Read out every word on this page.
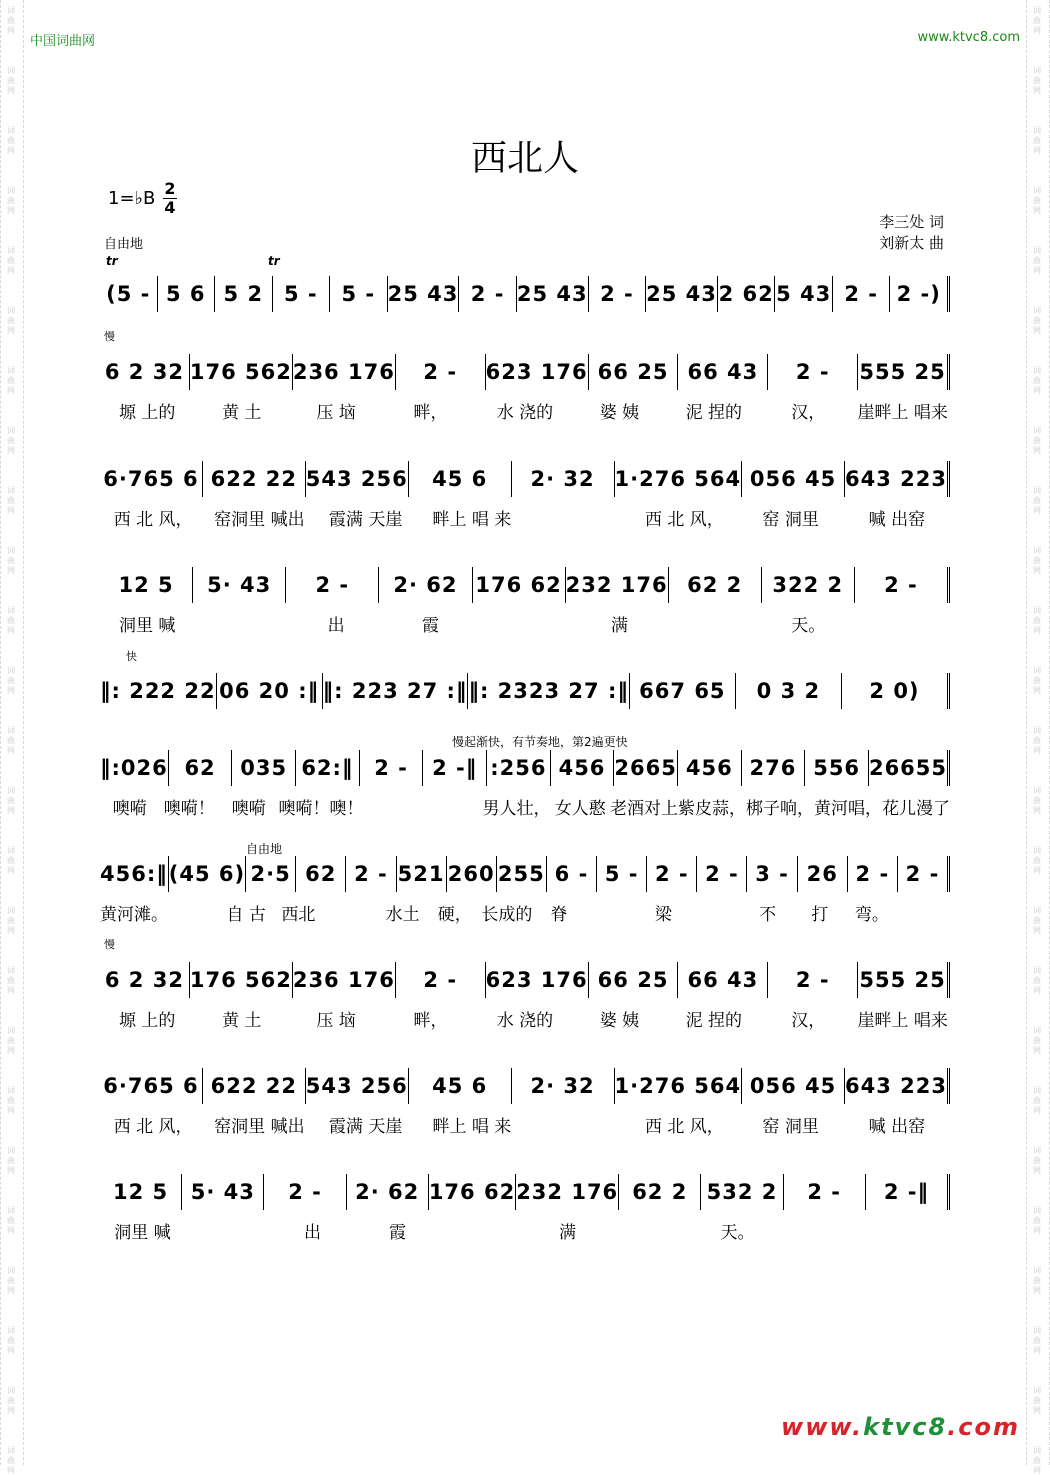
词
曲
网
词
曲
网
词
曲
网
词
曲
网
词
曲
网
词
曲
网
词
曲
网
词
曲
网
词
曲
网
词
曲
网
词
曲
网
词
曲
网
词
曲
网
词
曲
网
词
曲
网
词
曲
网
词
曲
网
词
曲
网
词
曲
网
词
曲
网
词
曲
网
词
曲
网
词
曲
网
词
曲
网
词
曲
网
词
曲
网
词
曲
网
词
曲
网
词
曲
网
词
曲
网
词
曲
网
词
曲
网
词
曲
网
词
曲
网
词
曲
网
词
曲
网
词
曲
网
词
曲
网
词
曲
网
词
曲
网
词
曲
网
词
曲
网
词
曲
网
词
曲
网
词
曲
网
词
曲
网
词
曲
网
词
曲
网
词
曲
网
词
曲
网
中国词曲网	www.ktvc8.com
西北人
1=♭B 2
4
李三处 词
刘新太 曲
自由地
tr	tr
慢
快
慢起渐快，有节奏地，第2遍更快
自由地
慢
(5 - 5 6 5 2 5 -	5 - 25 43 2 - 25 43 2 - 25 43 2 62 5 43 2 - 2 -)
6 2 32 176 562 236 176	2 -	623 176 66 25 66 43	2 -	555 25
塬 上的	黄 土	压 垴	畔，	水 浇的	婆 姨	泥 捏的	汉，	崖畔上 唱来
6·765 6 622 22 543 256	45 6	2· 32 1·276 564 056 45 643 223
西 北 风，	窑洞里 喊出	霞满 天崖	畔上 唱 来	西 北 风，	窑 洞里	喊 出窑
12 5	5· 43	2 -	2· 62 176 62 232 176 62 2	322 2	2 -
洞里 喊	出	霞	满	天。
‖: 222 22 06 20 :‖ ‖: 223 27 :‖ ‖: 2323 27 :‖ 667 65	0 3 2	2 0)
‖:026 62	035 62:‖ 2 -	2 -‖ :256 456 2665 456 276 556 26655
噢嗬	噢嗬！	噢嗬 噢嗬！噢！	男人壮， 女人憨 老酒对上 紫皮蒜， 梆子响， 黄河唱， 花儿漫了
456:‖ (45 6) 2·5 62 2 - 521 260 255 6 - 5 - 2 - 2 - 3 - 26 2 - 2 -
黄河滩。	自 古 西北	水土	硬， 长成的	脊	梁	不	打	弯。
6 2 32 176 562 236 176	2 -	623 176 66 25 66 43	2 -	555 25
塬 上的	黄 土	压 垴	畔，	水 浇的	婆 姨	泥 捏的	汉，	崖畔上 唱来
6·765 6 622 22 543 256	45 6	2· 32 1·276 564 056 45 643 223
西 北 风，	窑洞里 喊出	霞满 天崖	畔上 唱 来	西 北 风，	窑 洞里	喊 出窑
12 5	5· 43	2 -	2· 62 176 62 232 176 62 2 532 2	2 -	2 -‖
洞里 喊	出	霞	满	天。
www.ktvc8.com
